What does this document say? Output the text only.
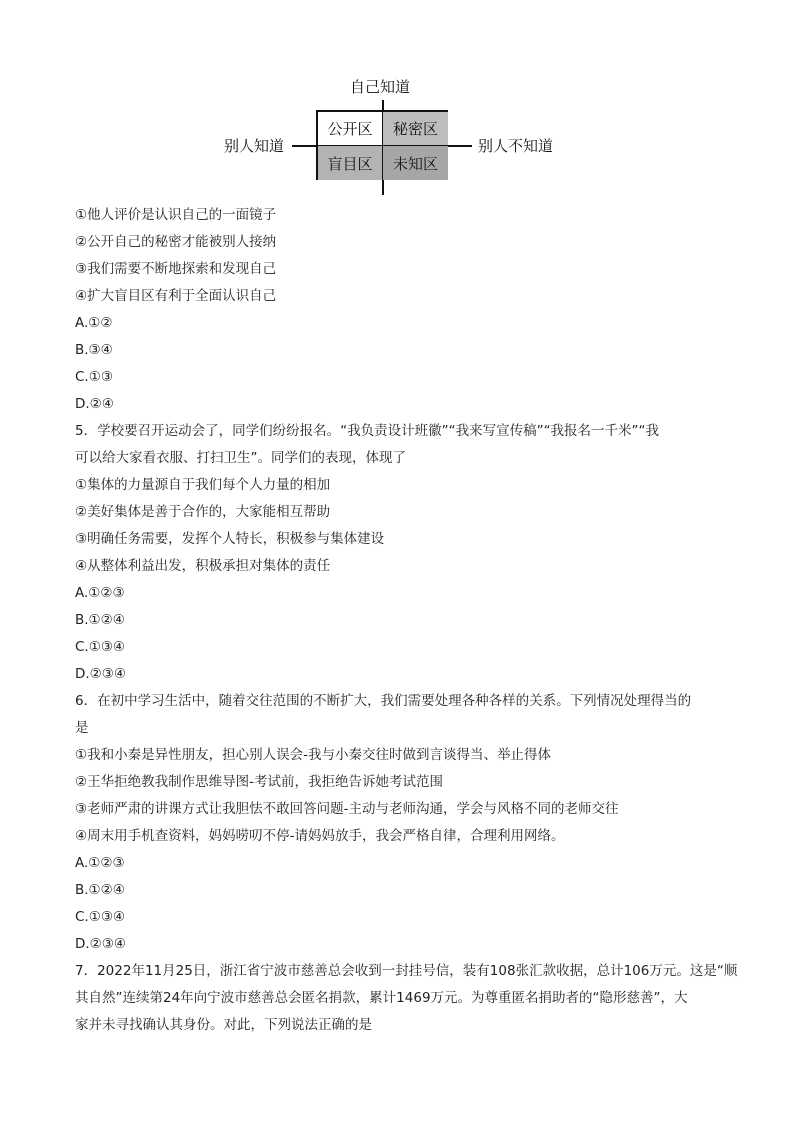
自己知道
别人知道
公开区	秘密区
盲目区	未知区
别人不知道
①他人评价是认识自己的一面镜子
②公开自己的秘密才能被别人接纳
③我们需要不断地探索和发现自己
④扩大盲目区有利于全面认识自己
A.①②
B.③④
C.①③
D.②④
5．学校要召开运动会了，同学们纷纷报名。“我负责设计班徽”“我来写宣传稿”“我报名一千米”“我
可以给大家看衣服、打扫卫生”。同学们的表现，体现了
①集体的力量源自于我们每个人力量的相加
②美好集体是善于合作的，大家能相互帮助
③明确任务需要，发挥个人特长，积极参与集体建设
④从整体利益出发，积极承担对集体的责任
A.①②③
B.①②④
C.①③④
D.②③④
6．在初中学习生活中，随着交往范围的不断扩大，我们需要处理各种各样的关系。下列情况处理得当的
是
①我和小秦是异性朋友，担心别人误会-我与小秦交往时做到言谈得当、举止得体
②王华拒绝教我制作思维导图-考试前，我拒绝告诉她考试范围
③老师严肃的讲课方式让我胆怯不敢回答问题-主动与老师沟通，学会与风格不同的老师交往
④周末用手机查资料，妈妈唠叨不停-请妈妈放手，我会严格自律，合理利用网络。
A.①②③
B.①②④
C.①③④
D.②③④
7．2022年11月25日，浙江省宁波市慈善总会收到一封挂号信，装有108张汇款收据，总计106万元。这是“顺
其自然”连续第24年向宁波市慈善总会匿名捐款，累计1469万元。为尊重匿名捐助者的“隐形慈善”，大
家并未寻找确认其身份。对此，下列说法正确的是
